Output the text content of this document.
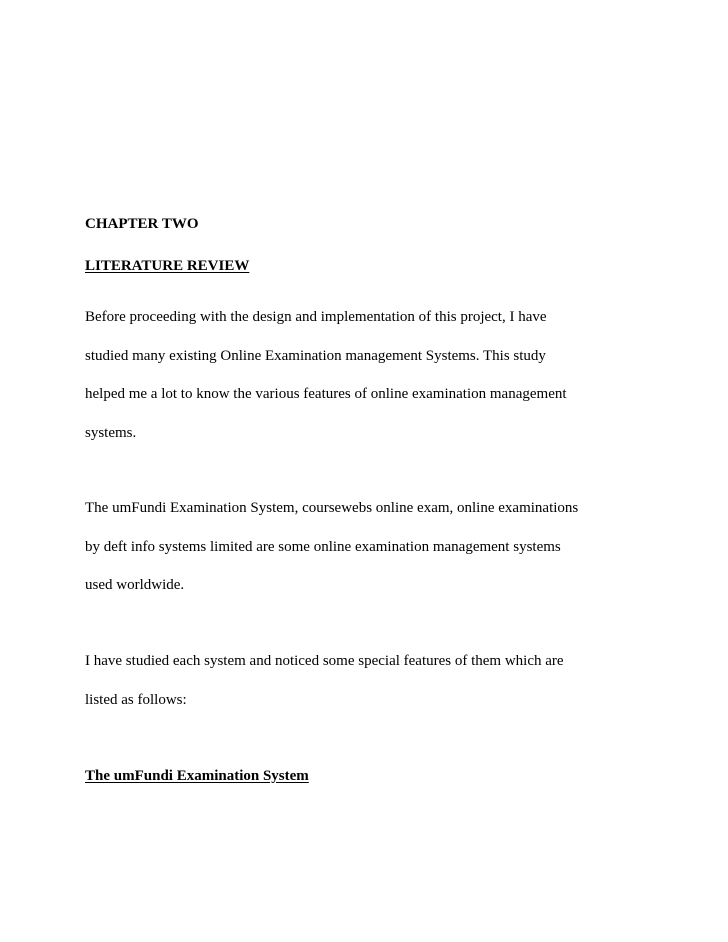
CHAPTER TWO

LITERATURE REVIEW

Before proceeding with the design and implementation of this project, I have

studied many existing Online Examination management Systems. This study

helped me a lot to know the various features of online examination management

systems.

The umFundi Examination System, coursewebs online exam, online examinations

by deft info systems limited are some online examination management systems

used worldwide.

I have studied each system and noticed some special features of them which are

listed as follows:

The umFundi Examination System
